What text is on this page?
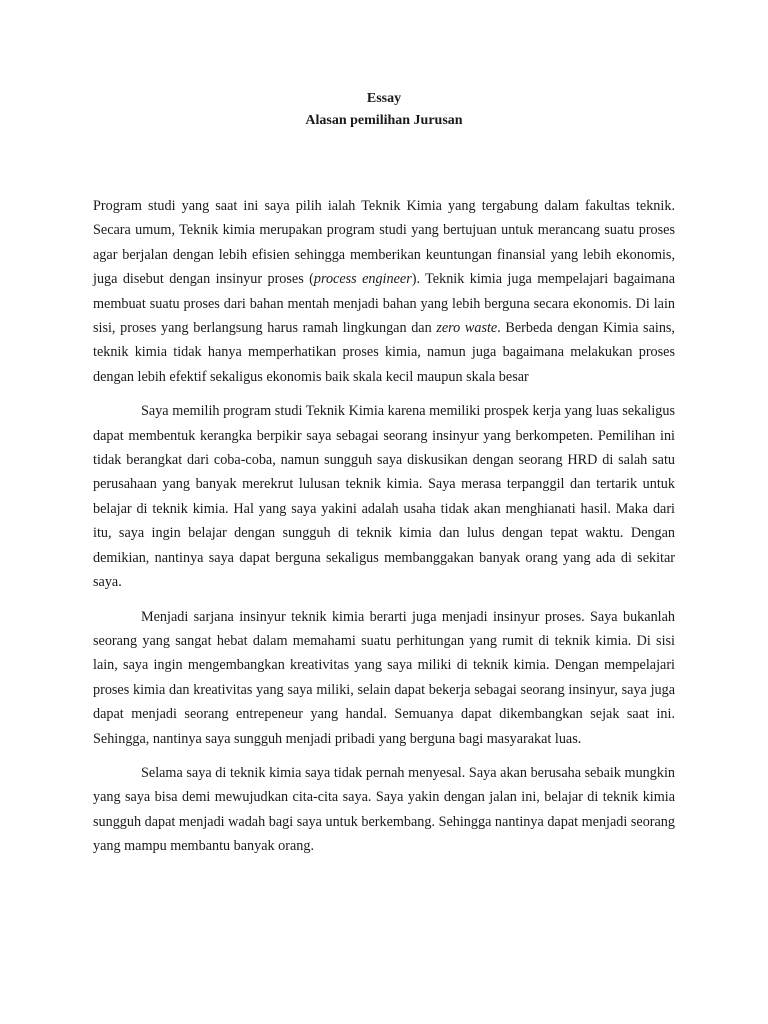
Essay
Alasan pemilihan Jurusan

Program studi yang saat ini saya pilih ialah Teknik Kimia yang tergabung dalam fakultas teknik. Secara umum, Teknik kimia merupakan program studi yang bertujuan untuk merancang suatu proses agar berjalan dengan lebih efisien sehingga memberikan keuntungan finansial yang lebih ekonomis, juga disebut dengan insinyur proses (process engineer). Teknik kimia juga mempelajari bagaimana membuat suatu proses dari bahan mentah menjadi bahan yang lebih berguna secara ekonomis. Di lain sisi, proses yang berlangsung harus ramah lingkungan dan zero waste. Berbeda dengan Kimia sains, teknik kimia tidak hanya memperhatikan proses kimia, namun juga bagaimana melakukan proses dengan lebih efektif sekaligus ekonomis baik skala kecil maupun skala besar

Saya memilih program studi Teknik Kimia karena memiliki prospek kerja yang luas sekaligus dapat membentuk kerangka berpikir saya sebagai seorang insinyur yang berkompeten. Pemilihan ini tidak berangkat dari coba-coba, namun sungguh saya diskusikan dengan seorang HRD di salah satu perusahaan yang banyak merekrut lulusan teknik kimia. Saya merasa terpanggil dan tertarik untuk belajar di teknik kimia. Hal yang saya yakini adalah usaha tidak akan menghianati hasil. Maka dari itu, saya ingin belajar dengan sungguh di teknik kimia dan lulus dengan tepat waktu. Dengan demikian, nantinya saya dapat berguna sekaligus membanggakan banyak orang yang ada di sekitar saya.

Menjadi sarjana insinyur teknik kimia berarti juga menjadi insinyur proses. Saya bukanlah seorang yang sangat hebat dalam memahami suatu perhitungan yang rumit di teknik kimia. Di sisi lain, saya ingin mengembangkan kreativitas yang saya miliki di teknik kimia. Dengan mempelajari proses kimia dan kreativitas yang saya miliki, selain dapat bekerja sebagai seorang insinyur, saya juga dapat menjadi seorang entrepeneur yang handal. Semuanya dapat dikembangkan sejak saat ini. Sehingga, nantinya saya sungguh menjadi pribadi yang berguna bagi masyarakat luas.

Selama saya di teknik kimia saya tidak pernah menyesal. Saya akan berusaha sebaik mungkin yang saya bisa demi mewujudkan cita-cita saya. Saya yakin dengan jalan ini, belajar di teknik kimia sungguh dapat menjadi wadah bagi saya untuk berkembang. Sehingga nantinya dapat menjadi seorang yang mampu membantu banyak orang.
